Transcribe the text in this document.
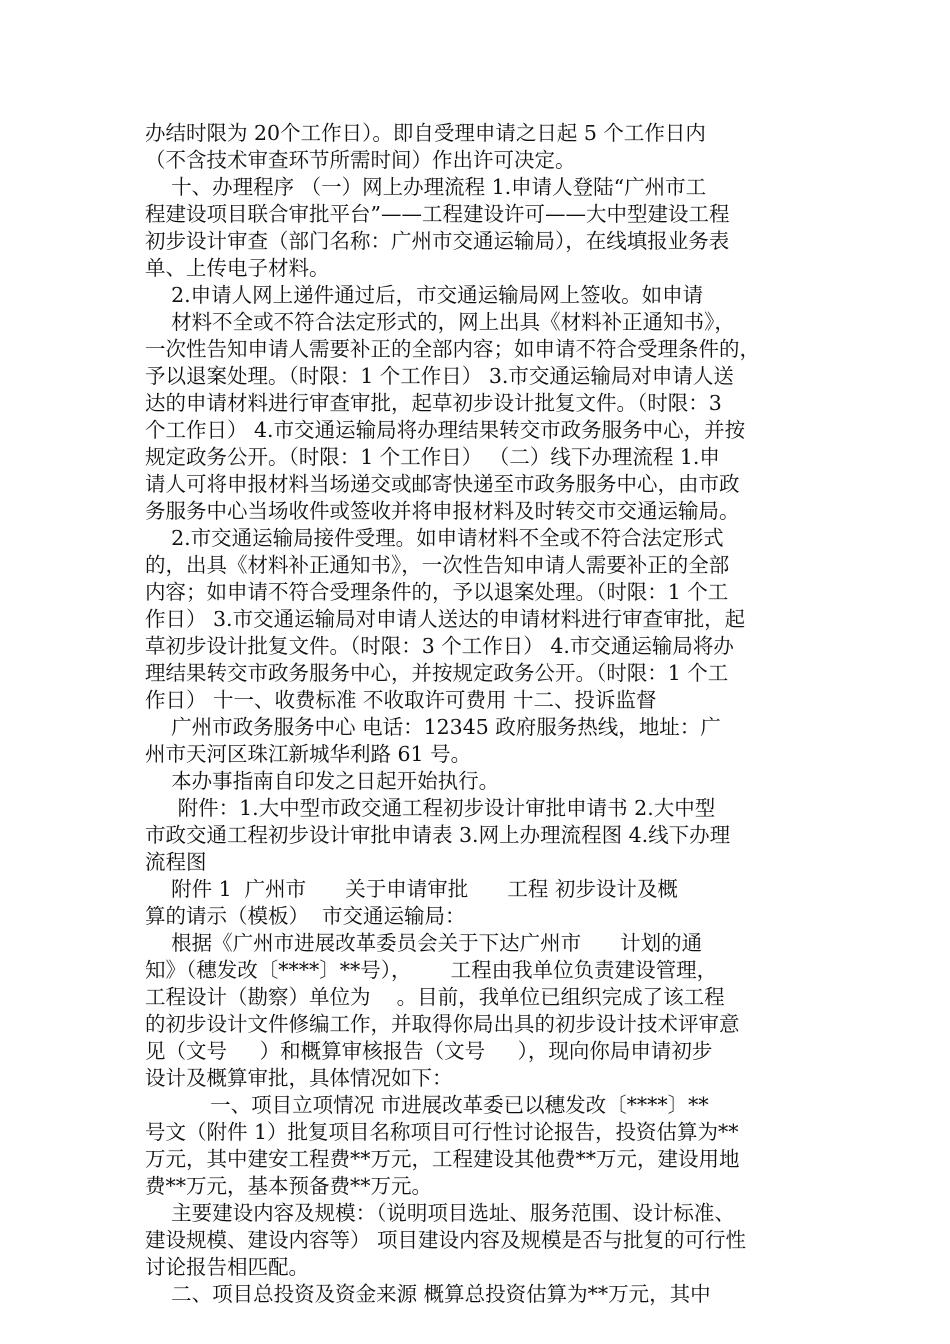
办结时限为 20个工作日）。即自受理申请之日起 5 个工作日内
（不含技术审查环节所需时间）作出许可决定。
十、办理程序 （一）网上办理流程 1.申请人登陆“广州市工
程建设项目联合审批平台”——工程建设许可——大中型建设工程
初步设计审查（部门名称：广州市交通运输局），在线填报业务表
单、上传电子材料。
2.申请人网上递件通过后，市交通运输局网上签收。如申请
材料不全或不符合法定形式的，网上出具《材料补正通知书》，
一次性告知申请人需要补正的全部内容；如申请不符合受理条件的，
予以退案处理。（时限：1 个工作日） 3.市交通运输局对申请人送
达的申请材料进行审查审批，起草初步设计批复文件。（时限：3
个工作日） 4.市交通运输局将办理结果转交市政务服务中心，并按
规定政务公开。（时限：1 个工作日） （二）线下办理流程 1.申
请人可将申报材料当场递交或邮寄快递至市政务服务中心，由市政
务服务中心当场收件或签收并将申报材料及时转交市交通运输局。
2.市交通运输局接件受理。如申请材料不全或不符合法定形式
的，出具《材料补正通知书》，一次性告知申请人需要补正的全部
内容；如申请不符合受理条件的，予以退案处理。（时限：1 个工
作日） 3.市交通运输局对申请人送达的申请材料进行审查审批，起
草初步设计批复文件。（时限：3 个工作日） 4.市交通运输局将办
理结果转交市政务服务中心，并按规定政务公开。（时限：1 个工
作日） 十一、收费标准 不收取许可费用 十二、投诉监督
广州市政务服务中心 电话：12345 政府服务热线，地址：广
州市天河区珠江新城华利路 61 号。
本办事指南自印发之日起开始执行。
附件：1.大中型市政交通工程初步设计审批申请书 2.大中型
市政交通工程初步设计审批申请表 3.网上办理流程图 4.线下办理
流程图
附件 1  广州市      关于申请审批      工程 初步设计及概
算的请示（模板）  市交通运输局：
根据《广州市进展改革委员会关于下达广州市      计划的通
知》（穗发改〔****〕**号），      工程由我单位负责建设管理，
工程设计（勘察）单位为    。目前，我单位已组织完成了该工程
的初步设计文件修编工作，并取得你局出具的初步设计技术评审意
见（文号     ）和概算审核报告（文号     ），现向你局申请初步
设计及概算审批，具体情况如下：
一、项目立项情况 市进展改革委已以穗发改〔****〕**
号文（附件 1）批复项目名称项目可行性讨论报告，投资估算为**
万元，其中建安工程费**万元，工程建设其他费**万元，建设用地
费**万元，基本预备费**万元。
主要建设内容及规模：（说明项目选址、服务范围、设计标准、
建设规模、建设内容等） 项目建设内容及规模是否与批复的可行性
讨论报告相匹配。
二、项目总投资及资金来源 概算总投资估算为**万元，其中
